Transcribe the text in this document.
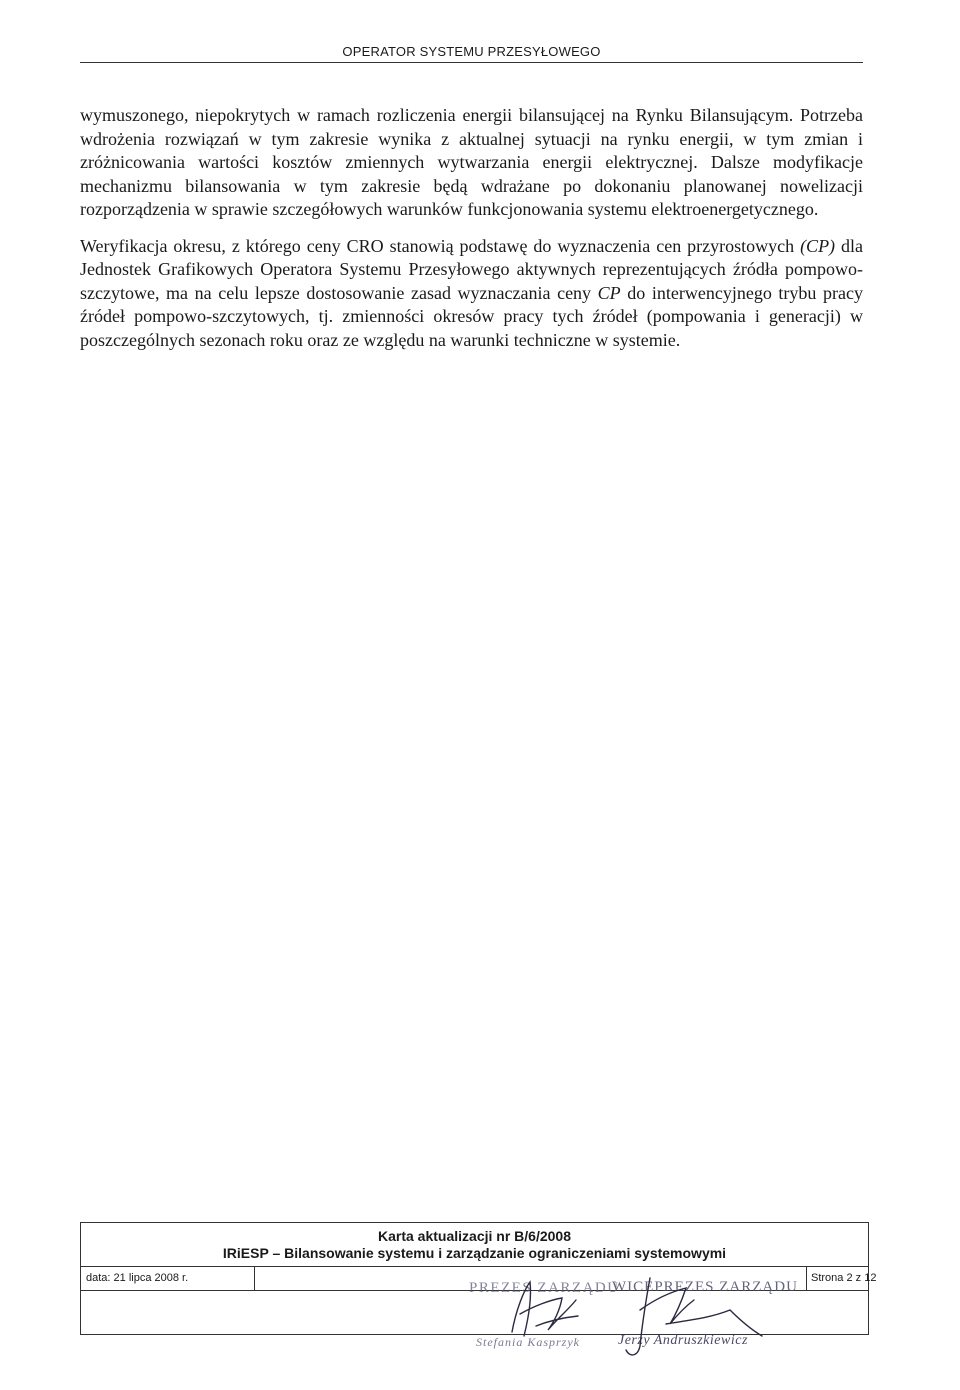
OPERATOR SYSTEMU PRZESYŁOWEGO

wymuszonego, niepokrytych w ramach rozliczenia energii bilansującej na Rynku Bilansującym. Potrzeba wdrożenia rozwiązań w tym zakresie wynika z aktualnej sytuacji na rynku energii, w tym zmian i zróżnicowania wartości kosztów zmiennych wytwarzania energii elektrycznej. Dalsze modyfikacje mechanizmu bilansowania w tym zakresie będą wdrażane po dokonaniu planowanej nowelizacji rozporządzenia w sprawie szczegółowych warunków funkcjonowania systemu elektroenergetycznego.

Weryfikacja okresu, z którego ceny CRO stanowią podstawę do wyznaczenia cen przyrostowych (CP) dla Jednostek Grafikowych Operatora Systemu Przesyłowego aktywnych reprezentujących źródła pompowo-szczytowe, ma na celu lepsze dostosowanie zasad wyznaczania ceny CP do interwencyjnego trybu pracy źródeł pompowo-szczytowych, tj. zmienności okresów pracy tych źródeł (pompowania i generacji) w poszczególnych sezonach roku oraz ze względu na warunki techniczne w systemie.

Karta aktualizacji nr B/6/2008
IRiESP – Bilansowanie systemu i zarządzanie ograniczeniami systemowymi
data: 21 lipca 2008 r.	Strona 2 z 12
PREZES ZARZĄDU
WICEPREZES ZARZĄDU
Stefania Kasprzyk	Jerzy Andruszkiewicz
